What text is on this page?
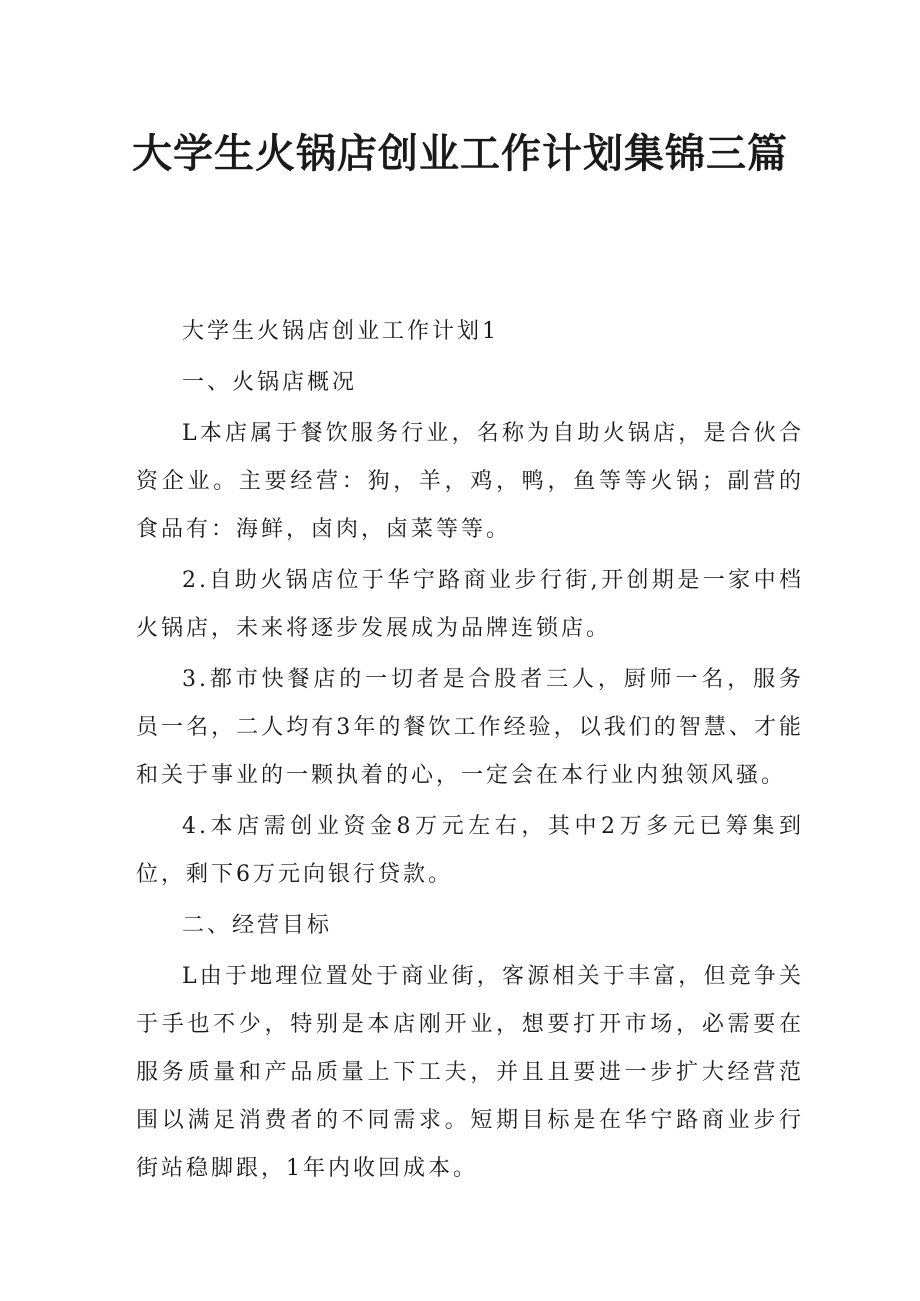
大学生火锅店创业工作计划集锦三篇

大学生火锅店创业工作计划1

一、火锅店概况

L本店属于餐饮服务行业，名称为自助火锅店，是合伙合资企业。主要经营：狗，羊，鸡，鸭，鱼等等火锅；副营的食品有：海鲜，卤肉，卤菜等等。

2.自助火锅店位于华宁路商业步行街,开创期是一家中档火锅店，未来将逐步发展成为品牌连锁店。

3.都市快餐店的一切者是合股者三人，厨师一名，服务员一名，二人均有3年的餐饮工作经验，以我们的智慧、才能和关于事业的一颗执着的心，一定会在本行业内独领风骚。

4.本店需创业资金8万元左右，其中2万多元已筹集到位，剩下6万元向银行贷款。

二、经营目标

L由于地理位置处于商业街，客源相关于丰富，但竞争关于手也不少，特别是本店刚开业，想要打开市场，必需要在服务质量和产品质量上下工夫，并且且要进一步扩大经营范围以满足消费者的不同需求。短期目标是在华宁路商业步行街站稳脚跟，1年内收回成本。
